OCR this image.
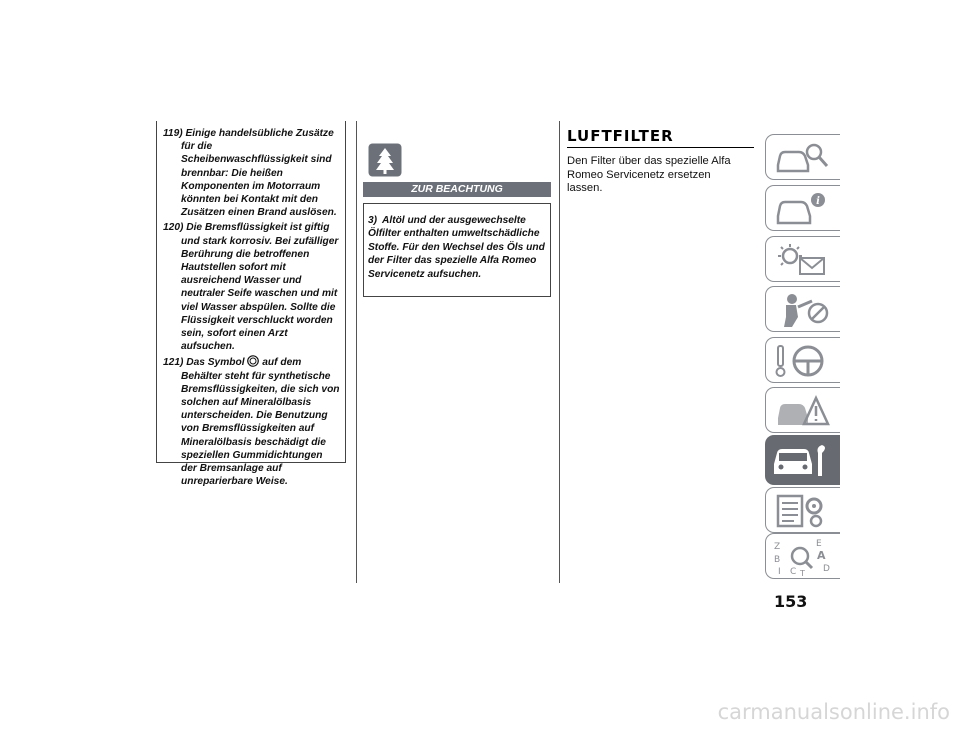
119) Einige handelsübliche Zusätze für die Scheibenwaschflüssigkeit sind brennbar: Die heißen Komponenten im Motorraum könnten bei Kontakt mit den Zusätzen einen Brand auslösen.
120) Die Bremsflüssigkeit ist giftig und stark korrosiv. Bei zufälliger Berührung die betroffenen Hautstellen sofort mit ausreichend Wasser und neutraler Seife waschen und mit viel Wasser abspülen. Sollte die Flüssigkeit verschluckt worden sein, sofort einen Arzt aufsuchen.
121) Das Symbol auf dem Behälter steht für synthetische Bremsflüssigkeiten, die sich von solchen auf Mineralölbasis unterscheiden. Die Benutzung von Bremsflüssigkeiten auf Mineralölbasis beschädigt die speziellen Gummidichtungen der Bremsanlage auf unreparierbare Weise.
ZUR BEACHTUNG

3) Altöl und der ausgewechselte Ölfilter enthalten umweltschädliche Stoffe. Für den Wechsel des Öls und der Filter das spezielle Alfa Romeo Servicenetz aufsuchen.

LUFTFILTER
Den Filter über das spezielle Alfa Romeo Servicenetz ersetzen lassen.
i
Z	E
B	A
I C	D
T
153
carmanualsonline.info
